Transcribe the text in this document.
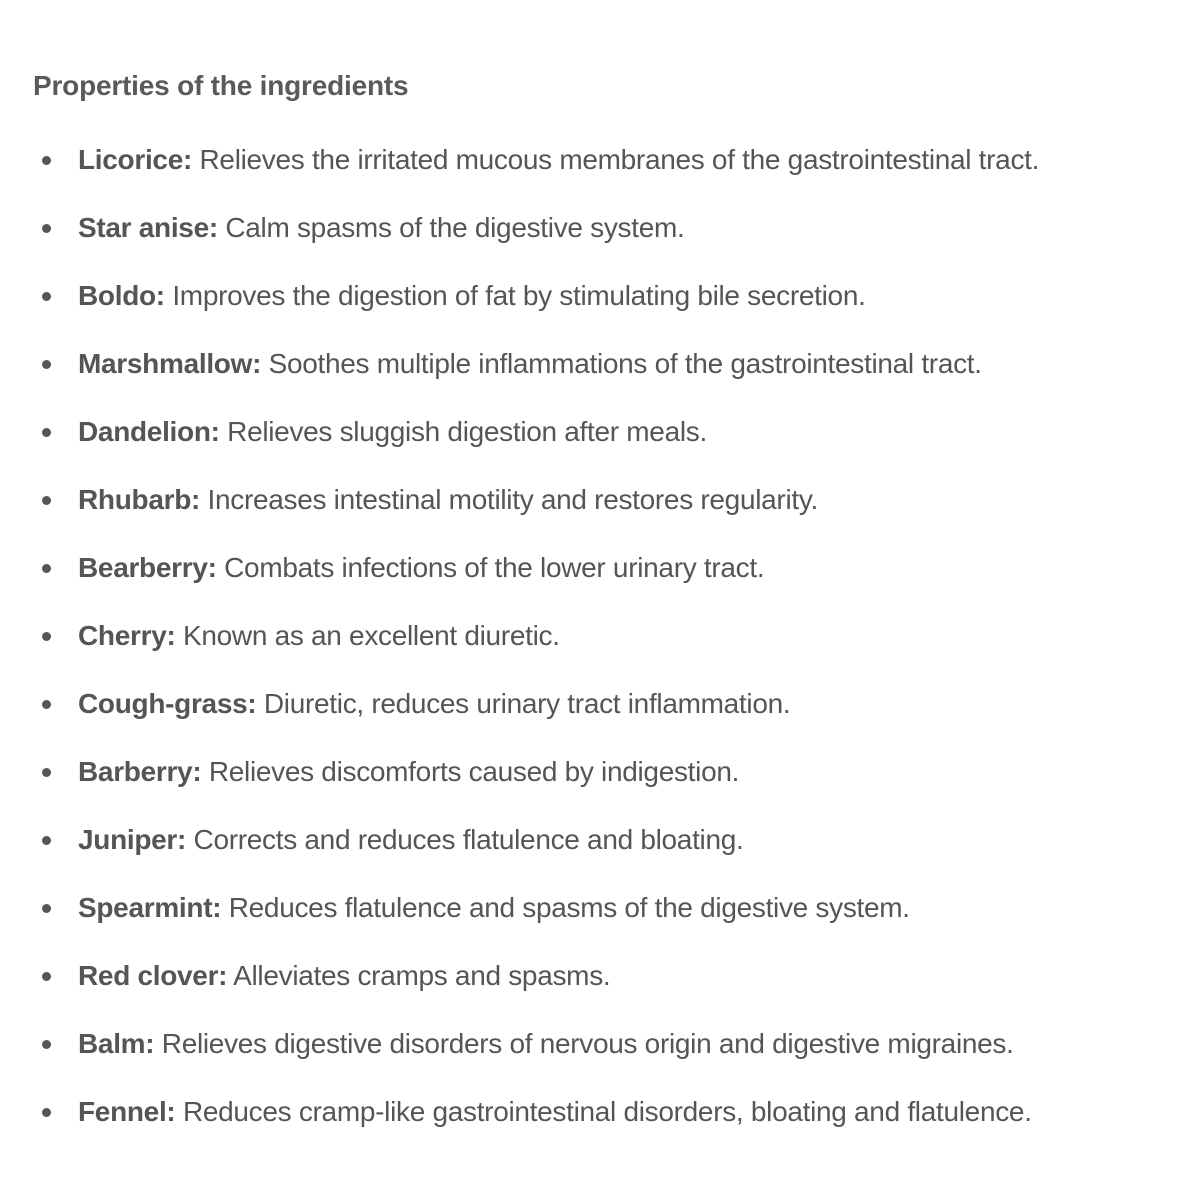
Properties of the ingredients
Licorice: Relieves the irritated mucous membranes of the gastrointestinal tract.
Star anise: Calm spasms of the digestive system.
Boldo: Improves the digestion of fat by stimulating bile secretion.
Marshmallow: Soothes multiple inflammations of the gastrointestinal tract.
Dandelion: Relieves sluggish digestion after meals.
Rhubarb: Increases intestinal motility and restores regularity.
Bearberry: Combats infections of the lower urinary tract.
Cherry: Known as an excellent diuretic.
Cough-grass: Diuretic, reduces urinary tract inflammation.
Barberry: Relieves discomforts caused by indigestion.
Juniper: Corrects and reduces flatulence and bloating.
Spearmint: Reduces flatulence and spasms of the digestive system.
Red clover: Alleviates cramps and spasms.
Balm: Relieves digestive disorders of nervous origin and digestive migraines.
Fennel: Reduces cramp-like gastrointestinal disorders, bloating and flatulence.
